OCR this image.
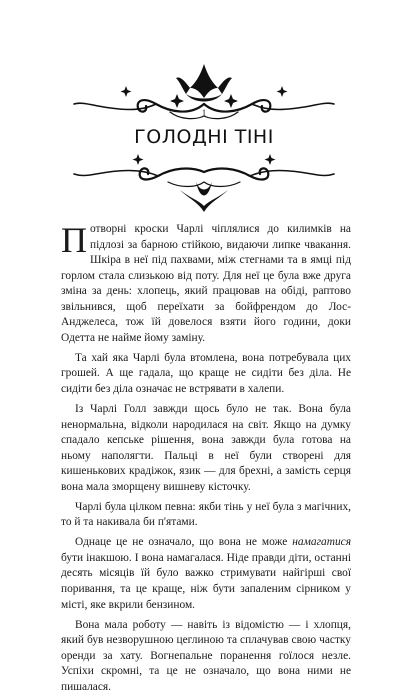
1
ГОЛОДНІ ТІНІ

Потворні кроски Чарлі чіплялися до килимків на підлозі за барною стійкою, видаючи липке чвакання. Шкіра в неї під пахвами, між стегнами та в ямці під горлом стала слизькою від поту. Для неї це була вже друга зміна за день: хлопець, який працював на обіді, раптово звільнився, щоб переїхати за бойфрендом до Лос-Анджелеса, тож їй довелося взяти його години, доки Одетта не найме йому заміну.

Та хай яка Чарлі була втомлена, вона потребувала цих грошей. А ще гадала, що краще не сидіти без діла. Не сидіти без діла означає не встрявати в халепи.

Із Чарлі Голл завжди щось було не так. Вона була ненормальна, відколи народилася на світ. Якщо на думку спадало кепське рішення, вона завжди була готова на ньому наполягти. Пальці в неї були створені для кишенькових крадіжок, язик — для брехні, а замість серця вона мала зморщену вишневу кісточку.

Чарлі була цілком певна: якби тінь у неї була з магічних, то й та накивала би п'ятами.

Однаце це не означало, що вона не може намагатися бути інакшою. І вона намагалася. Ніде правди діти, останні десять місяців їй було важко стримувати найгірші свої поривання, та це краще, ніж бути запаленим сірником у місті, яке вкрили бензином.

Вона мала роботу — навіть із відомістю — і хлопця, який був незворушною цеглиною та сплачував свою частку оренди за хату. Вогнепальне поранення гоїлося незле. Успіхи скромні, та це не означало, що вона ними не пишалася.
